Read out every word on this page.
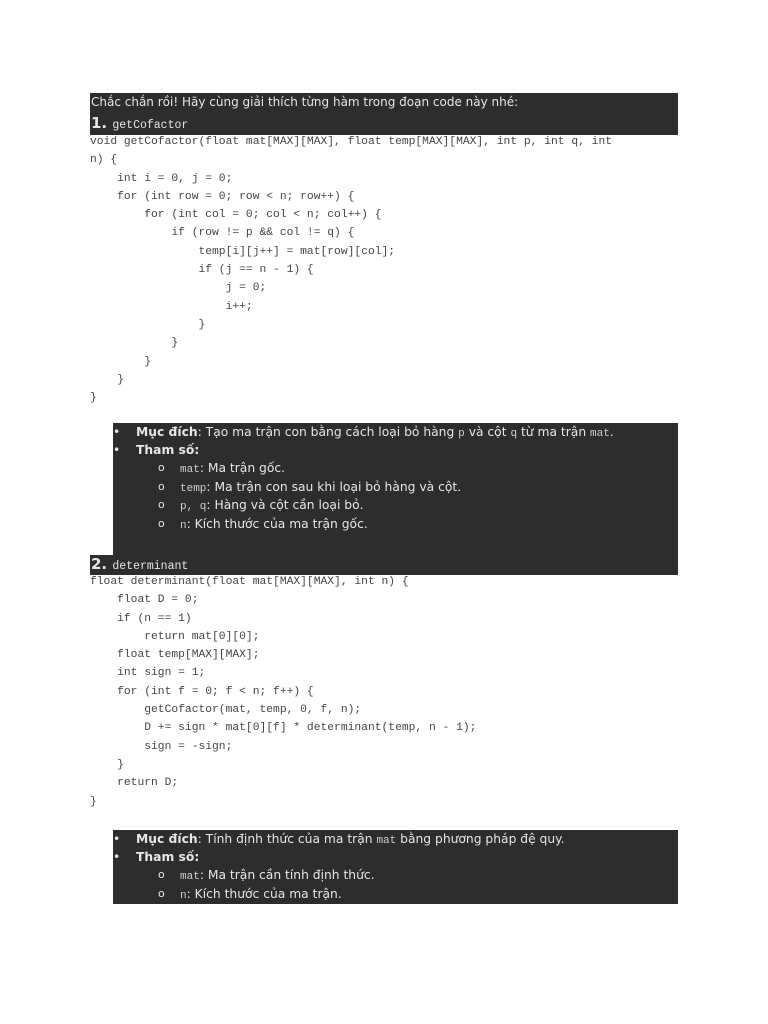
Chắc chắn rồi! Hãy cùng giải thích từng hàm trong đoạn code này nhé:
1. getCofactor
void getCofactor(float mat[MAX][MAX], float temp[MAX][MAX], int p, int q, int
n) {
int i = 0, j = 0;
for (int row = 0; row < n; row++) {
for (int col = 0; col < n; col++) {
if (row != p && col != q) {
temp[i][j++] = mat[row][col];
if (j == n - 1) {
j = 0;
i++;
}
}
}
}
}
• Mục đích: Tạo ma trận con bằng cách loại bỏ hàng p và cột q từ ma trận mat.
• Tham số:
o mat: Ma trận gốc.
o temp: Ma trận con sau khi loại bỏ hàng và cột.
o p, q: Hàng và cột cần loại bỏ.
o n: Kích thước của ma trận gốc.
2. determinant
float determinant(float mat[MAX][MAX], int n) {
float D = 0;
if (n == 1)
return mat[0][0];
float temp[MAX][MAX];
int sign = 1;
for (int f = 0; f < n; f++) {
getCofactor(mat, temp, 0, f, n);
D += sign * mat[0][f] * determinant(temp, n - 1);
sign = -sign;
}
return D;
}
• Mục đích: Tính định thức của ma trận mat bằng phương pháp đệ quy.
• Tham số:
o mat: Ma trận cần tính định thức.
o n: Kích thước của ma trận.
